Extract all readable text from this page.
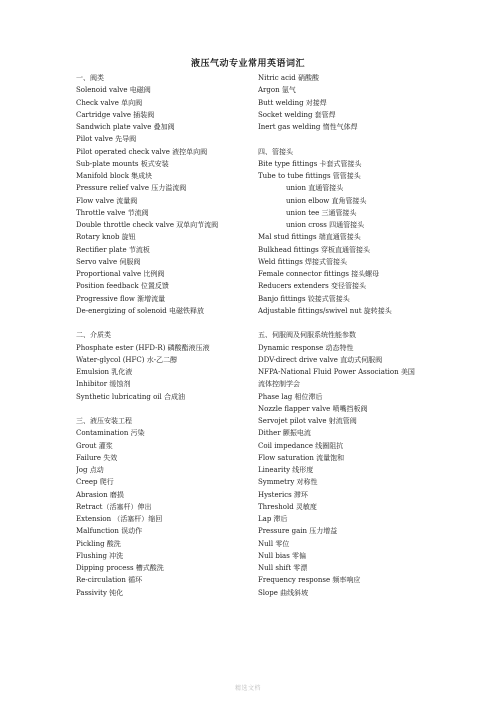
液压气动专业常用英语词汇
一、阀类
Solenoid valve 电磁阀
Check valve 单向阀
Cartridge valve 插装阀
Sandwich plate valve 叠加阀
Pilot valve 先导阀
Pilot operated check valve 液控单向阀
Sub-plate mounts 板式安装
Manifold block 集成块
Pressure relief valve 压力溢流阀
Flow valve 流量阀
Throttle valve 节流阀
Double throttle check valve 双单向节流阀
Rotary knob 旋钮
Rectifier plate 节流板
Servo valve 伺服阀
Proportional valve 比例阀
Position feedback 位置反馈
Progressive flow 渐增流量
De-energizing of solenoid 电磁铁释放
二、介质类
Phosphate ester (HFD-R) 磷酸酯液压液
Water-glycol (HFC) 水-乙二醇
Emulsion 乳化液
Inhibitor 缓蚀剂
Synthetic lubricating oil 合成油
三、液压安装工程
Contamination 污染
Grout 灌浆
Failure 失效
Jog 点动
Creep 爬行
Abrasion 磨损
Retract（活塞杆）伸出
Extension （活塞杆）缩回
Malfunction 误动作
Pickling 酸洗
Flushing 冲洗
Dipping process 槽式酸洗
Re-circulation 循环
Passivity 钝化
Nitric acid 硝酸酸
Argon 氩气
Butt welding 对接焊
Socket welding 套管焊
Inert gas welding 惰性气体焊
四、管接头
Bite type fittings 卡套式管接头
Tube to tube fittings 管管接头
union 直通管接头
union elbow 直角管接头
union tee 三通管接头
union cross 四通管接头
Mal stud fittings 端直通管接头
Bulkhead fittings 穿板直通管接头
Weld fittings 焊接式管接头
Female connector fittings 接头螺母
Reducers extenders 变径管接头
Banjo fittings 铰接式管接头
Adjustable fittings/swivel nut 旋转接头
五、伺服阀及伺服系统性能参数
Dynamic response 动态特性
DDV-direct drive valve 直动式伺服阀
NFPA-National Fluid Power Association 美国
流体控制学会
Phase lag 相位滞后
Nozzle flapper valve 喷嘴挡板阀
Servojet pilot valve 射流管阀
Dither 颤振电流
Coil impedance 线圈阻抗
Flow saturation 流量饱和
Linearity 线形度
Symmetry 对称性
Hysterics 滞环
Threshold 灵敏度
Lap 滞后
Pressure gain 压力增益
Null 零位
Null bias 零偏
Null shift 零漂
Frequency response 频率响应
Slope 曲线斜坡
精选文档
